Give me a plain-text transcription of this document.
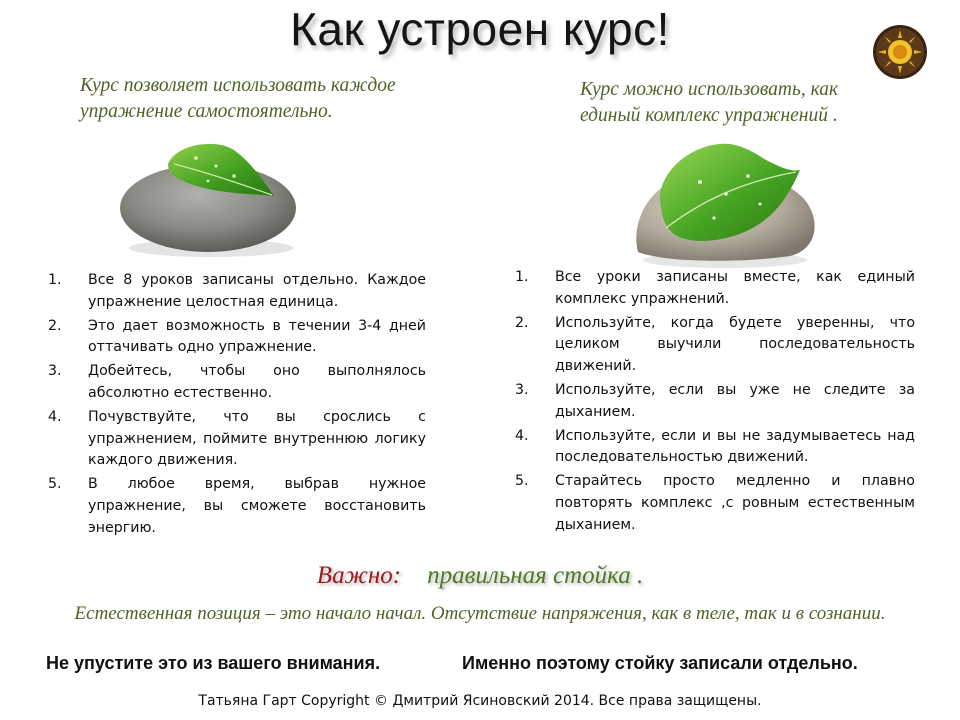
Как устроен курс!
Курс позволяет использовать каждое упражнение самостоятельно.
Курс можно использовать, как единый комплекс упражнений .
1. Все 8 уроков записаны отдельно. Каждое упражнение целостная единица.
2. Это дает возможность в течении 3-4 дней оттачивать одно упражнение.
3. Добейтесь, чтобы оно выполнялось абсолютно естественно.
4. Почувствуйте, что вы срослись с упражнением, поймите внутреннюю логику каждого движения.
5. В любое время, выбрав нужное упражнение, вы сможете восстановить энергию.
1. Все уроки записаны вместе, как единый комплекс упражнений.
2. Используйте, когда будете уверенны, что целиком выучили последовательность движений.
3. Используйте, если вы уже не следите за дыханием.
4. Используйте, если и вы не задумываетесь над последовательностью движений.
5. Старайтесь просто медленно и плавно повторять комплекс ,с ровным естественным дыханием.
Важно: правильная стойка .
Естественная позиция – это начало начал. Отсутствие напряжения, как в теле, так и в сознании.
Не упустите это из вашего внимания.	Именно поэтому стойку записали отдельно.
Татьяна Гарт Copyright © Дмитрий Ясиновский 2014. Все права защищены.
